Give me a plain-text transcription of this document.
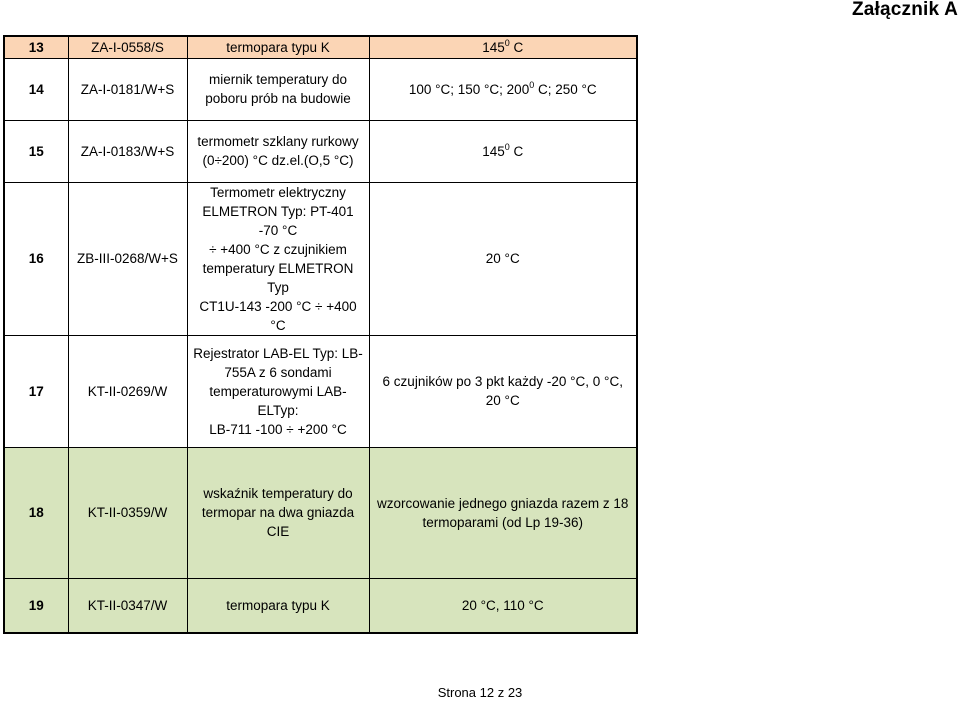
Załącznik A
13	ZA-I-0558/S	termopara typu K	$145^0$ C
14	ZA-I-0181/W+S	miernik temperatury do
poboru prób na budowie	100 °C; 150 °C; $200^0$ C; 250 °C
15	ZA-I-0183/W+S	termometr szklany rurkowy
(0÷200) °C dz.el.(O,5 °C)	$145^0$ C
16	ZB-III-0268/W+S	Termometr elektryczny
ELMETRON Typ: PT-401 -70 °C
÷ +400 °C z czujnikiem
temperatury ELMETRON Typ
CT1U-143 -200 °C ÷ +400 °C	20 °C
17	KT-II-0269/W	Rejestrator LAB-EL Typ: LB-
755A z 6 sondami
temperaturowymi LAB-ELTyp:
LB-711 -100 ÷ +200 °C	6 czujników po 3 pkt każdy -20 °C, 0 °C, 20 °C
18	KT-II-0359/W	wskaźnik temperatury do
termopar na dwa gniazda CIE	wzorcowanie jednego gniazda razem z 18
termoparami (od Lp 19-36)
19	KT-II-0347/W	termopara typu K	20 °C, 110 °C
Strona 12 z 23
